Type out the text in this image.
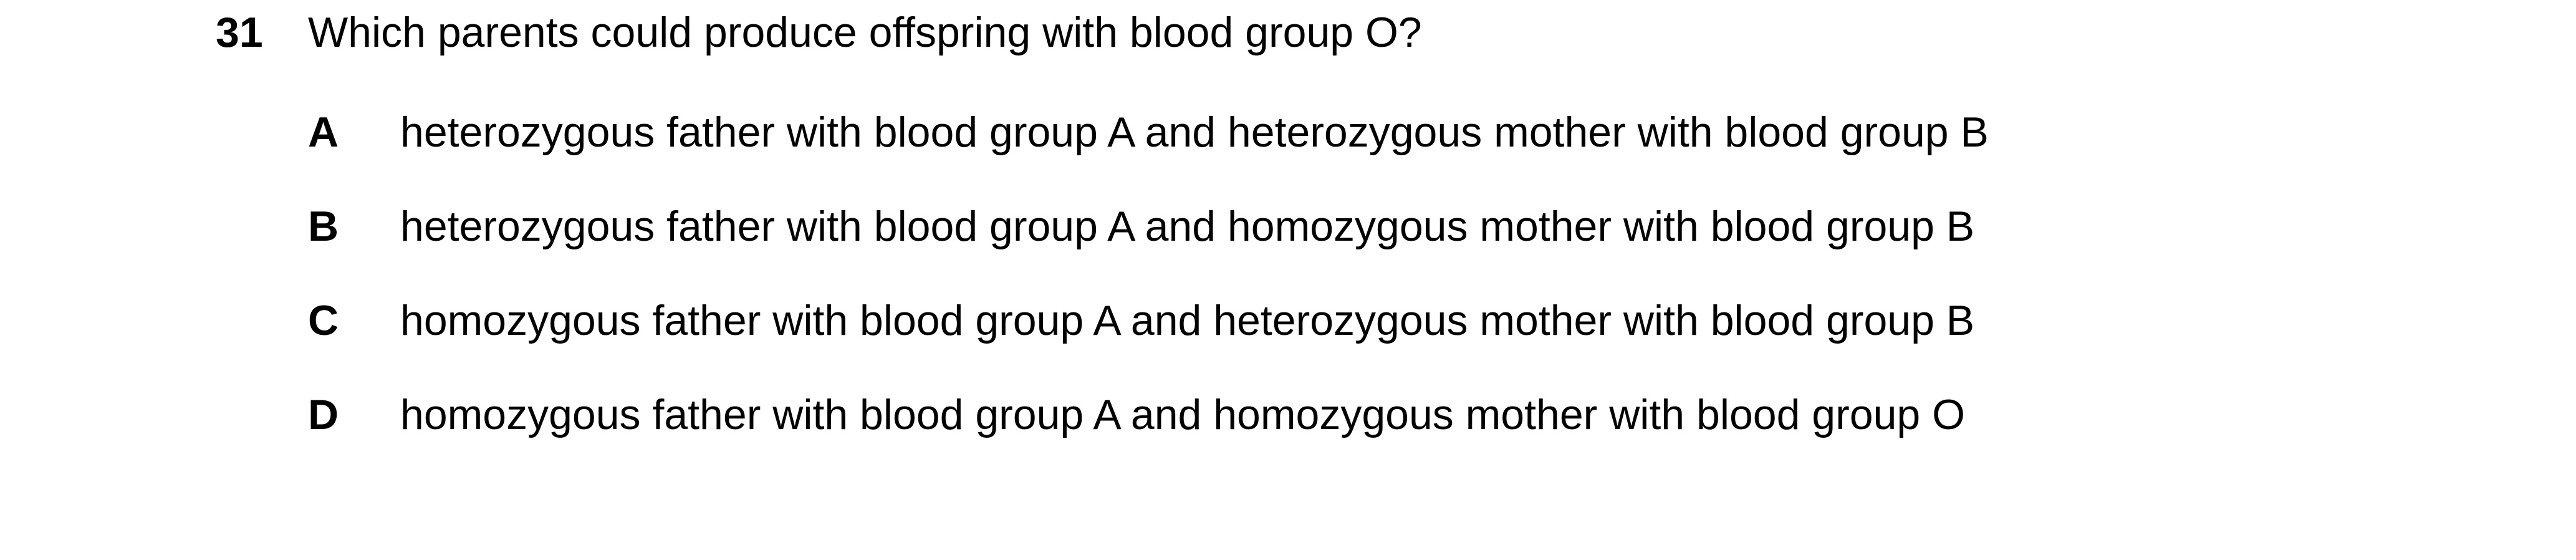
31	Which parents could produce offspring with blood group O?
A	heterozygous father with blood group A and heterozygous mother with blood group B
B	heterozygous father with blood group A and homozygous mother with blood group B
C	homozygous father with blood group A and heterozygous mother with blood group B
D	homozygous father with blood group A and homozygous mother with blood group O
